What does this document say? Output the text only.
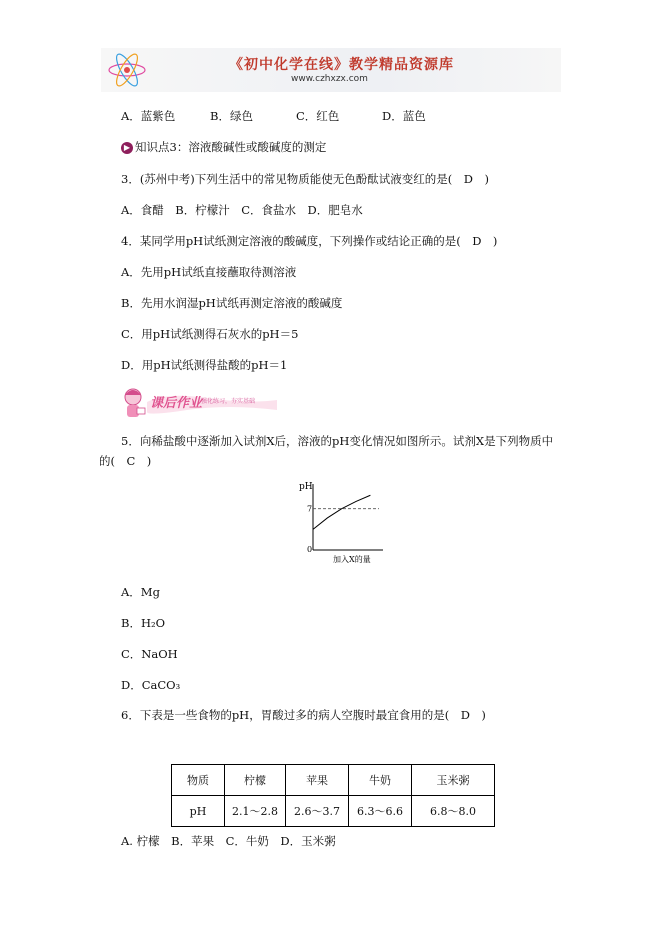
《初中化学在线》教学精品资源库
www.czhxzx.com
A．蓝紫色	B．绿色	C．红色	D．蓝色
▶ 知识点3：溶液酸碱性或酸碱度的测定
3．(苏州中考)下列生活中的常见物质能使无色酚酞试液变红的是(　D　)
A．食醋　B．柠檬汁　C．食盐水　D．肥皂水
4．某同学用pH试纸测定溶液的酸碱度，下列操作或结论正确的是(　D　)
A．先用pH试纸直接蘸取待测溶液
B．先用水润湿pH试纸再测定溶液的酸碱度
C．用pH试纸测得石灰水的pH＝5
D．用pH试纸测得盐酸的pH＝1
课后作业
强化练习，夯实基础
5．向稀盐酸中逐渐加入试剂X后，溶液的pH变化情况如图所示。试剂X是下列物质中
的(　C　)
pH
0
7
加入X的量
A．Mg
B．H₂O
C．NaOH
D．CaCO₃
6．下表是一些食物的pH，胃酸过多的病人空腹时最宜食用的是(　D　)
物质	柠檬	苹果	牛奶	玉米粥
pH	2.1～2.8	2.6～3.7	6.3～6.6	6.8～8.0
A. 柠檬　B．苹果　C．牛奶　D．玉米粥
